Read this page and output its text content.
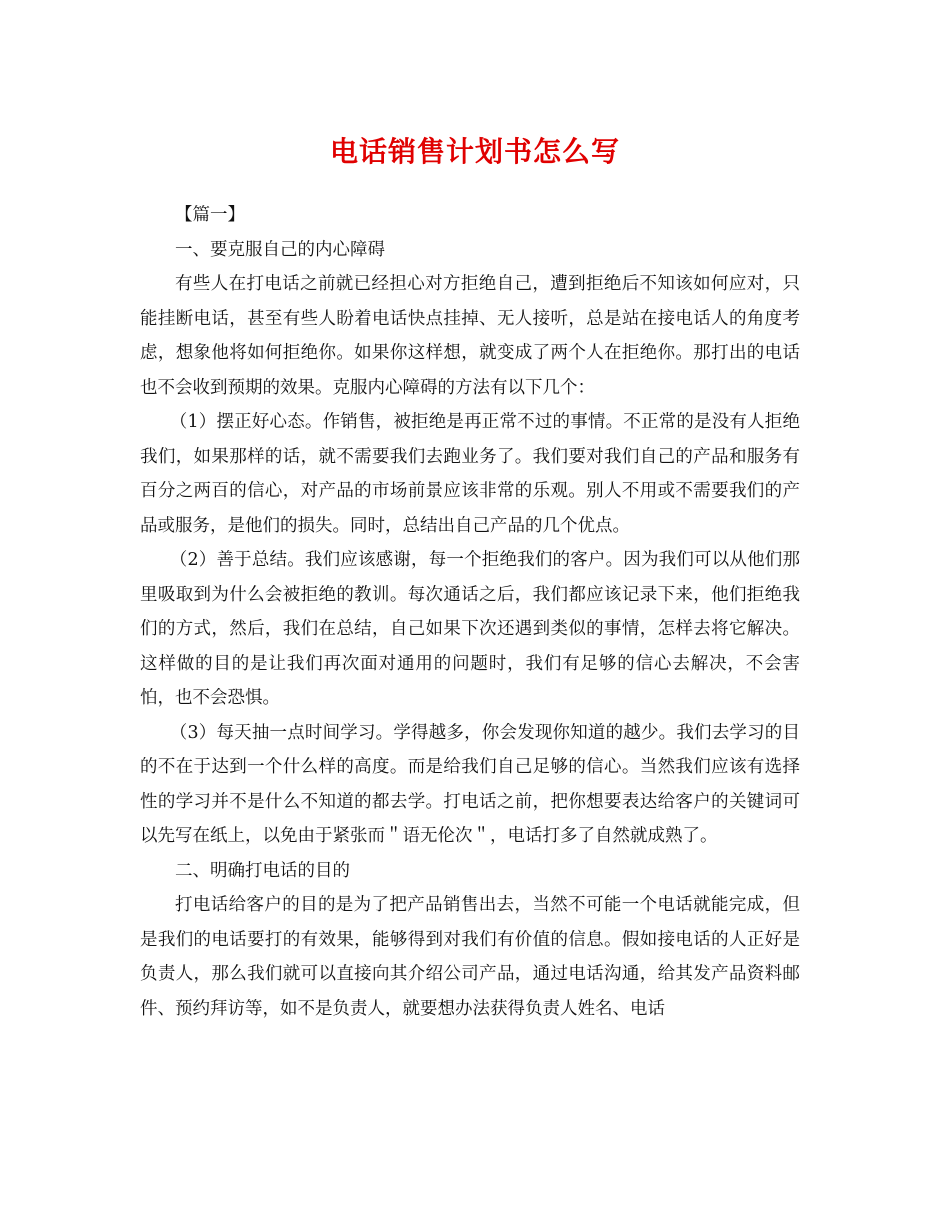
电话销售计划书怎么写
【篇一】
一、要克服自己的内心障碍
有些人在打电话之前就已经担心对方拒绝自己，遭到拒绝后不知该如何应对，只能挂断电话，甚至有些人盼着电话快点挂掉、无人接听，总是站在接电话人的角度考虑，想象他将如何拒绝你。如果你这样想，就变成了两个人在拒绝你。那打出的电话也不会收到预期的效果。克服内心障碍的方法有以下几个：
（1）摆正好心态。作销售，被拒绝是再正常不过的事情。不正常的是没有人拒绝我们，如果那样的话，就不需要我们去跑业务了。我们要对我们自己的产品和服务有百分之两百的信心，对产品的市场前景应该非常的乐观。别人不用或不需要我们的产品或服务，是他们的损失。同时，总结出自己产品的几个优点。
（2）善于总结。我们应该感谢，每一个拒绝我们的客户。因为我们可以从他们那里吸取到为什么会被拒绝的教训。每次通话之后，我们都应该记录下来，他们拒绝我们的方式，然后，我们在总结，自己如果下次还遇到类似的事情，怎样去将它解决。这样做的目的是让我们再次面对通用的问题时，我们有足够的信心去解决，不会害怕，也不会恐惧。
（3）每天抽一点时间学习。学得越多，你会发现你知道的越少。我们去学习的目的不在于达到一个什么样的高度。而是给我们自己足够的信心。当然我们应该有选择性的学习并不是什么不知道的都去学。打电话之前，把你想要表达给客户的关键词可以先写在纸上，以免由于紧张而＂语无伦次＂，电话打多了自然就成熟了。
二、明确打电话的目的
打电话给客户的目的是为了把产品销售出去，当然不可能一个电话就能完成，但是我们的电话要打的有效果，能够得到对我们有价值的信息。假如接电话的人正好是负责人，那么我们就可以直接向其介绍公司产品，通过电话沟通，给其发产品资料邮件、预约拜访等，如不是负责人，就要想办法获得负责人姓名、电话
